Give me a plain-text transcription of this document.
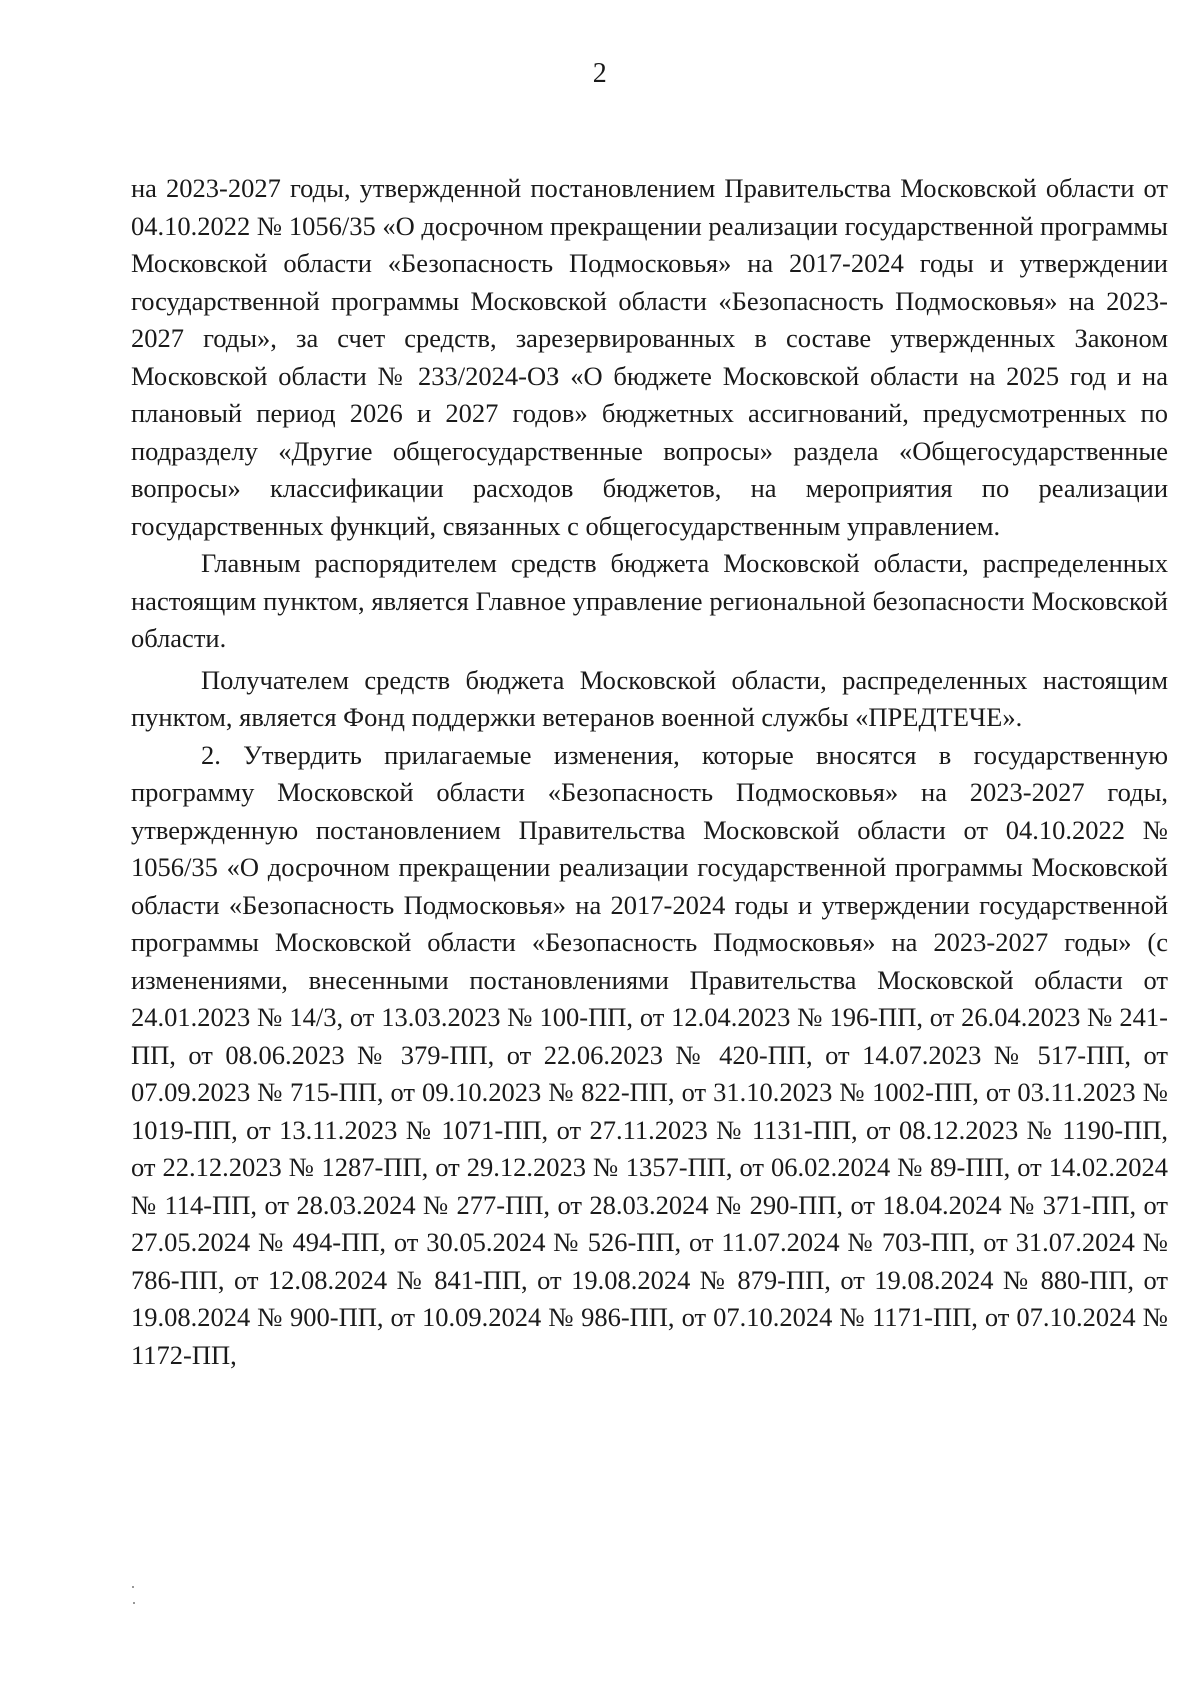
2

на 2023-2027 годы, утвержденной постановлением Правительства Московской области от 04.10.2022 № 1056/35 «О досрочном прекращении реализации государственной программы Московской области «Безопасность Подмосковья» на 2017-2024 годы и утверждении государственной программы Московской области «Безопасность Подмосковья» на 2023-2027 годы», за счет средств, зарезервированных в составе утвержденных Законом Московской области № 233/2024-ОЗ «О бюджете Московской области на 2025 год и на плановый период 2026 и 2027 годов» бюджетных ассигнований, предусмотренных по подразделу «Другие общегосударственные вопросы» раздела «Общегосударственные вопросы» классификации расходов бюджетов, на мероприятия по реализации государственных функций, связанных с общегосударственным управлением.

Главным распорядителем средств бюджета Московской области, распределенных настоящим пунктом, является Главное управление региональной безопасности Московской области.

Получателем средств бюджета Московской области, распределенных настоящим пунктом, является Фонд поддержки ветеранов военной службы «ПРЕДТЕЧЕ».

2. Утвердить прилагаемые изменения, которые вносятся в государственную программу Московской области «Безопасность Подмосковья» на 2023-2027 годы, утвержденную постановлением Правительства Московской области от 04.10.2022 № 1056/35 «О досрочном прекращении реализации государственной программы Московской области «Безопасность Подмосковья» на 2017-2024 годы и утверждении государственной программы Московской области «Безопасность Подмосковья» на 2023-2027 годы» (с изменениями, внесенными постановлениями Правительства Московской области от 24.01.2023 № 14/3, от 13.03.2023 № 100-ПП, от 12.04.2023 № 196-ПП, от 26.04.2023 № 241-ПП, от 08.06.2023 № 379-ПП, от 22.06.2023 № 420-ПП, от 14.07.2023 № 517-ПП, от 07.09.2023 № 715-ПП, от 09.10.2023 № 822-ПП, от 31.10.2023 № 1002-ПП, от 03.11.2023 № 1019-ПП, от 13.11.2023 № 1071-ПП, от 27.11.2023 № 1131-ПП, от 08.12.2023 № 1190-ПП, от 22.12.2023 № 1287-ПП, от 29.12.2023 № 1357-ПП, от 06.02.2024 № 89-ПП, от 14.02.2024 № 114-ПП, от 28.03.2024 № 277-ПП, от 28.03.2024 № 290-ПП, от 18.04.2024 № 371-ПП, от 27.05.2024 № 494-ПП, от 30.05.2024 № 526-ПП, от 11.07.2024 № 703-ПП, от 31.07.2024 № 786-ПП, от 12.08.2024 № 841-ПП, от 19.08.2024 № 879-ПП, от 19.08.2024 № 880-ПП, от 19.08.2024 № 900-ПП, от 10.09.2024 № 986-ПП, от 07.10.2024 № 1171-ПП, от 07.10.2024 № 1172-ПП,
